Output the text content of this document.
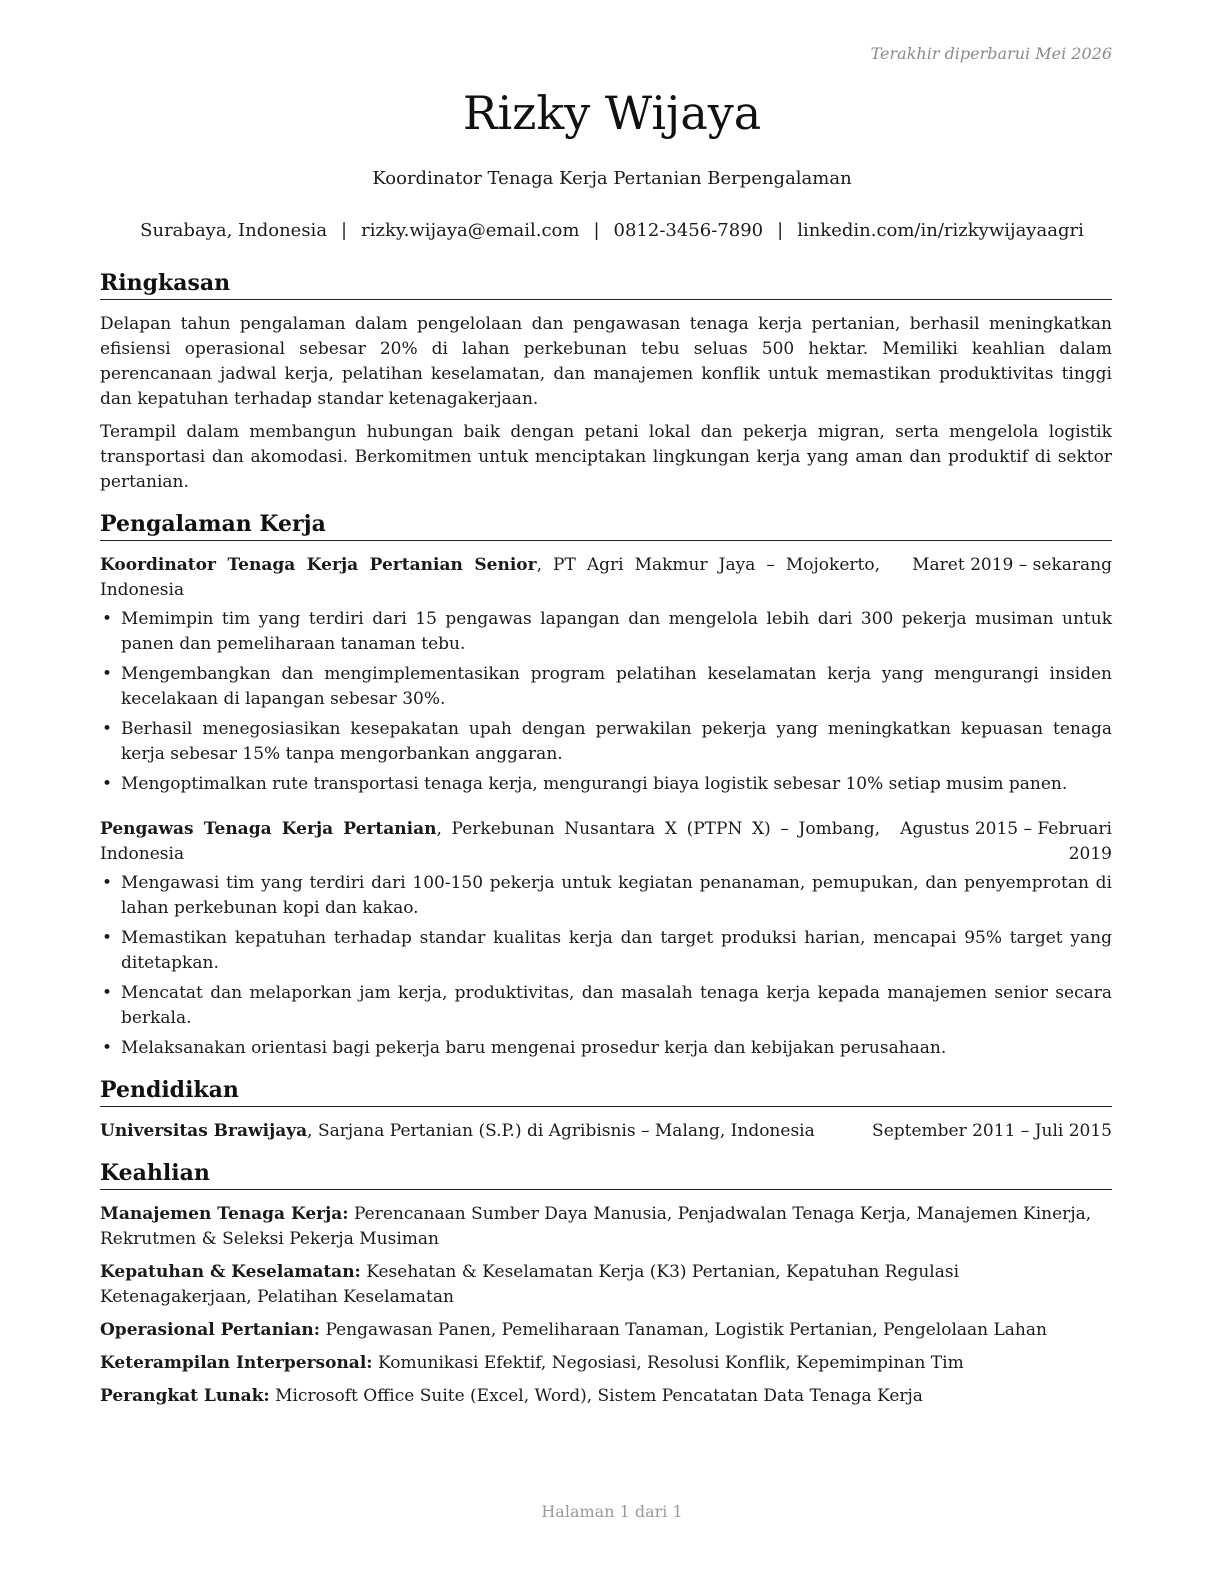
Terakhir diperbarui Mei 2026
Rizky Wijaya
Koordinator Tenaga Kerja Pertanian Berpengalaman
Surabaya, Indonesia | rizky.wijaya@email.com | 0812-3456-7890 | linkedin.com/in/rizkywijayaagri
Ringkasan

Delapan tahun pengalaman dalam pengelolaan dan pengawasan tenaga kerja pertanian, berhasil meningkatkan efisiensi operasional sebesar 20% di lahan perkebunan tebu seluas 500 hektar. Memiliki keahlian dalam perencanaan jadwal kerja, pelatihan keselamatan, dan manajemen konflik untuk memastikan produktivitas tinggi dan kepatuhan terhadap standar ketenagakerjaan.

Terampil dalam membangun hubungan baik dengan petani lokal dan pekerja migran, serta mengelola logistik transportasi dan akomodasi. Berkomitmen untuk menciptakan lingkungan kerja yang aman dan produktif di sektor pertanian.

Pengalaman Kerja
Koordinator Tenaga Kerja Pertanian Senior, PT Agri Makmur Jaya – Mojokerto, Indonesia
Maret 2019 – sekarang
• Memimpin tim yang terdiri dari 15 pengawas lapangan dan mengelola lebih dari 300 pekerja musiman untuk panen dan pemeliharaan tanaman tebu.
• Mengembangkan dan mengimplementasikan program pelatihan keselamatan kerja yang mengurangi insiden kecelakaan di lapangan sebesar 30%.
• Berhasil menegosiasikan kesepakatan upah dengan perwakilan pekerja yang meningkatkan kepuasan tenaga kerja sebesar 15% tanpa mengorbankan anggaran.
• Mengoptimalkan rute transportasi tenaga kerja, mengurangi biaya logistik sebesar 10% setiap musim panen.
Pengawas Tenaga Kerja Pertanian, Perkebunan Nusantara X (PTPN X) – Jombang, Indonesia
Agustus 2015 – Februari 2019
• Mengawasi tim yang terdiri dari 100-150 pekerja untuk kegiatan penanaman, pemupukan, dan penyemprotan di lahan perkebunan kopi dan kakao.
• Memastikan kepatuhan terhadap standar kualitas kerja dan target produksi harian, mencapai 95% target yang ditetapkan.
• Mencatat dan melaporkan jam kerja, produktivitas, dan masalah tenaga kerja kepada manajemen senior secara berkala.
• Melaksanakan orientasi bagi pekerja baru mengenai prosedur kerja dan kebijakan perusahaan.
Pendidikan
Universitas Brawijaya, Sarjana Pertanian (S.P.) di Agribisnis – Malang, Indonesia	September 2011 – Juli 2015
Keahlian
Manajemen Tenaga Kerja: Perencanaan Sumber Daya Manusia, Penjadwalan Tenaga Kerja, Manajemen Kinerja, Rekrutmen & Seleksi Pekerja Musiman
Kepatuhan & Keselamatan: Kesehatan & Keselamatan Kerja (K3) Pertanian, Kepatuhan Regulasi Ketenagakerjaan, Pelatihan Keselamatan
Operasional Pertanian: Pengawasan Panen, Pemeliharaan Tanaman, Logistik Pertanian, Pengelolaan Lahan
Keterampilan Interpersonal: Komunikasi Efektif, Negosiasi, Resolusi Konflik, Kepemimpinan Tim
Perangkat Lunak: Microsoft Office Suite (Excel, Word), Sistem Pencatatan Data Tenaga Kerja
Halaman 1 dari 1
